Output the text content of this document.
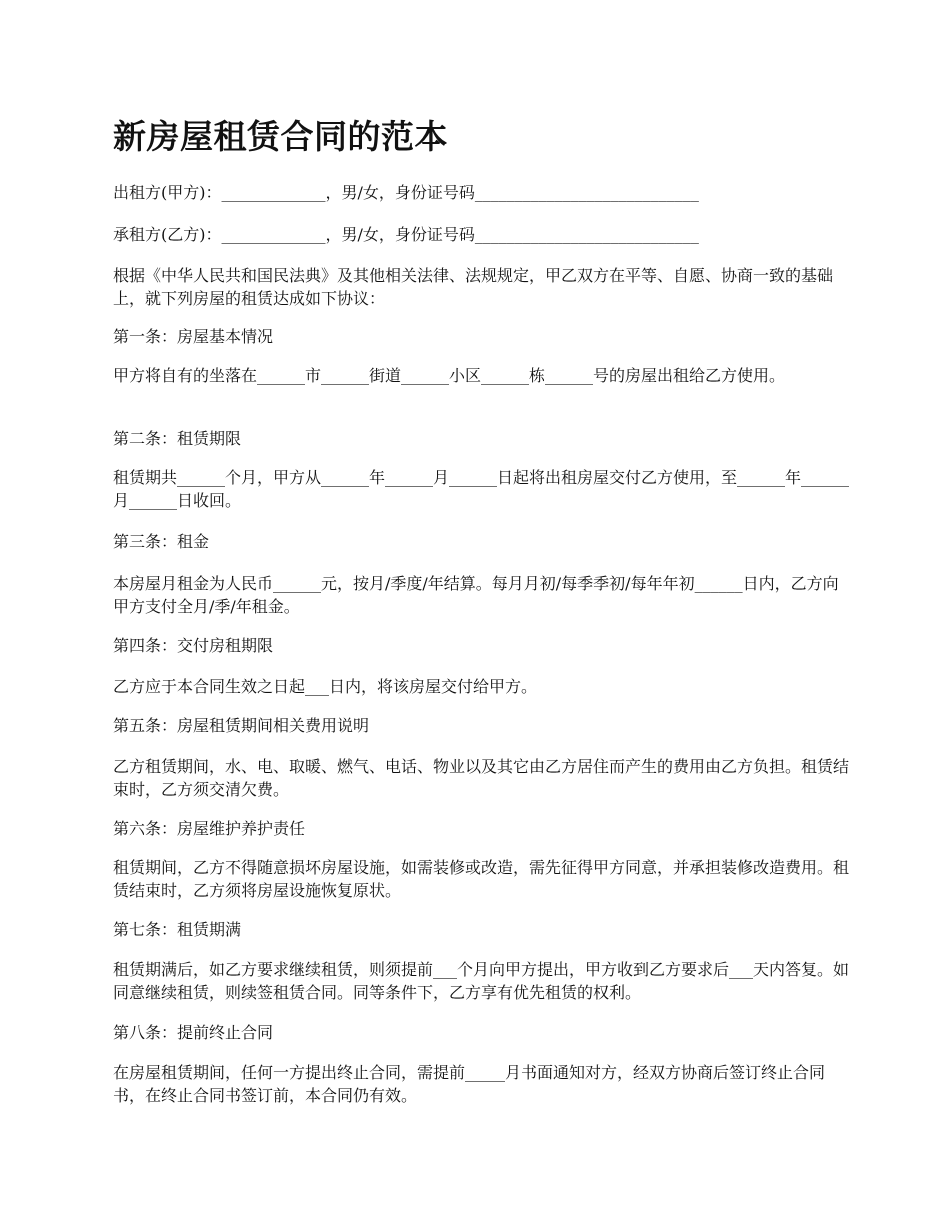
新房屋租赁合同的范本

出租方(甲方)：_____________，男/女，身份证号码____________________________

承租方(乙方)：_____________，男/女，身份证号码____________________________

根据《中华人民共和国民法典》及其他相关法律、法规规定，甲乙双方在平等、自愿、协商一致的基础上，就下列房屋的租赁达成如下协议：

第一条：房屋基本情况

甲方将自有的坐落在______市______街道______小区______栋______号的房屋出租给乙方使用。

第二条：租赁期限

租赁期共______个月，甲方从______年______月______日起将出租房屋交付乙方使用，至______年______月______日收回。

第三条：租金

本房屋月租金为人民币______元，按月/季度/年结算。每月月初/每季季初/每年年初______日内，乙方向甲方支付全月/季/年租金。

第四条：交付房租期限

乙方应于本合同生效之日起___日内，将该房屋交付给甲方。

第五条：房屋租赁期间相关费用说明

乙方租赁期间，水、电、取暖、燃气、电话、物业以及其它由乙方居住而产生的费用由乙方负担。租赁结束时，乙方须交清欠费。

第六条：房屋维护养护责任

租赁期间，乙方不得随意损坏房屋设施，如需装修或改造，需先征得甲方同意，并承担装修改造费用。租赁结束时，乙方须将房屋设施恢复原状。

第七条：租赁期满

租赁期满后，如乙方要求继续租赁，则须提前___个月向甲方提出，甲方收到乙方要求后___天内答复。如同意继续租赁，则续签租赁合同。同等条件下，乙方享有优先租赁的权利。

第八条：提前终止合同

在房屋租赁期间，任何一方提出终止合同，需提前_____月书面通知对方，经双方协商后签订终止合同书，在终止合同书签订前，本合同仍有效。
